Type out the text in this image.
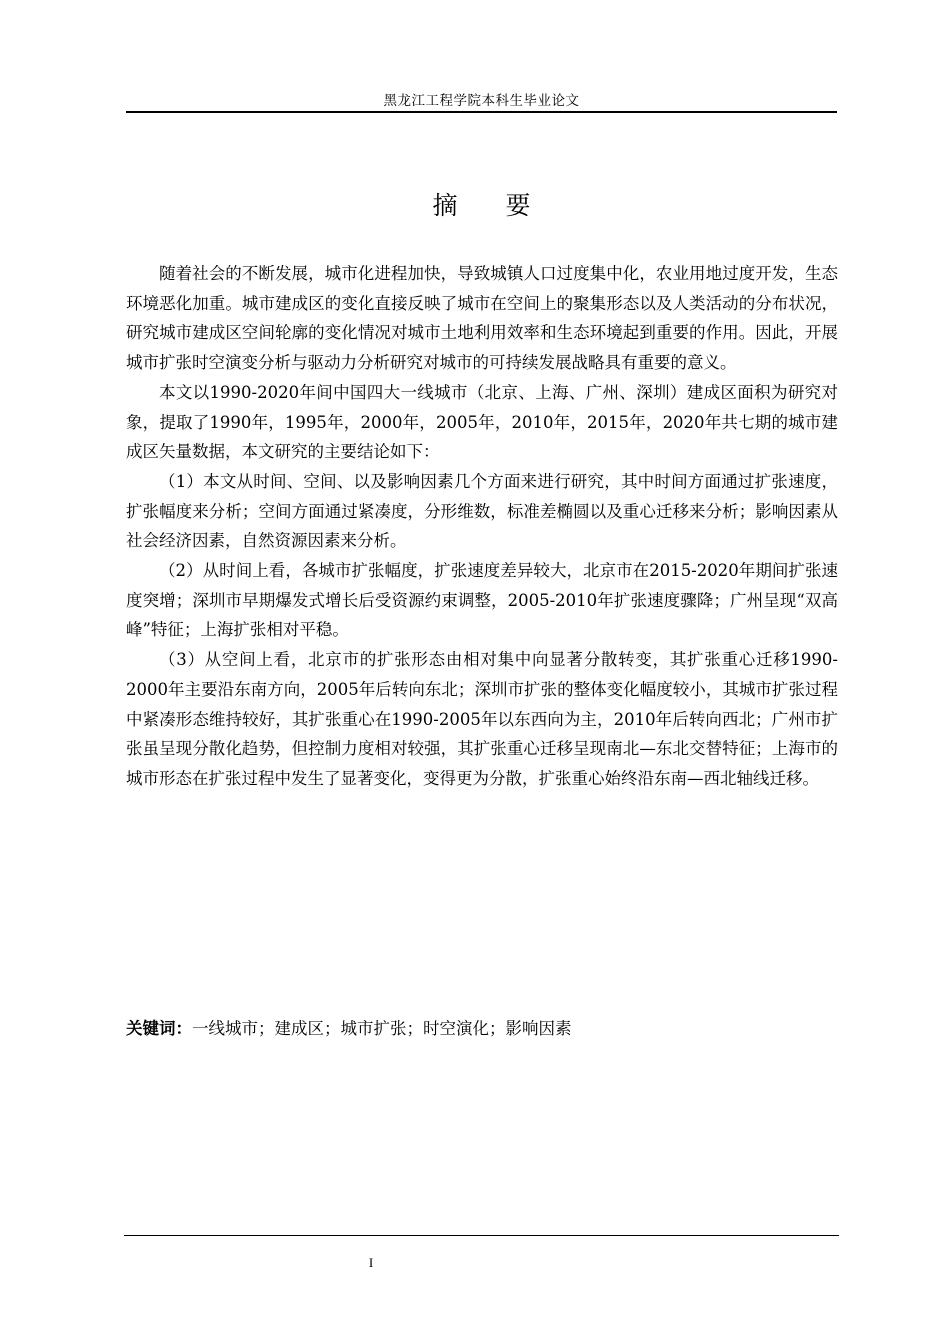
黑龙江工程学院本科生毕业论文
摘 要

随着社会的不断发展，城市化进程加快，导致城镇人口过度集中化，农业用地过度开发，生态环境恶化加重。城市建成区的变化直接反映了城市在空间上的聚集形态以及人类活动的分布状况，研究城市建成区空间轮廓的变化情况对城市土地利用效率和生态环境起到重要的作用。因此，开展城市扩张时空演变分析与驱动力分析研究对城市的可持续发展战略具有重要的意义。

本文以1990-2020年间中国四大一线城市（北京、上海、广州、深圳）建成区面积为研究对象，提取了1990年，1995年，2000年，2005年，2010年，2015年，2020年共七期的城市建成区矢量数据，本文研究的主要结论如下：

（1）本文从时间、空间、以及影响因素几个方面来进行研究，其中时间方面通过扩张速度，扩张幅度来分析；空间方面通过紧凑度，分形维数，标准差椭圆以及重心迁移来分析；影响因素从社会经济因素，自然资源因素来分析。

（2）从时间上看，各城市扩张幅度，扩张速度差异较大，北京市在2015-2020年期间扩张速度突增；深圳市早期爆发式增长后受资源约束调整，2005-2010年扩张速度骤降；广州呈现“双高峰”特征；上海扩张相对平稳。

（3）从空间上看，北京市的扩张形态由相对集中向显著分散转变，其扩张重心迁移1990-2000年主要沿东南方向，2005年后转向东北；深圳市扩张的整体变化幅度较小，其城市扩张过程中紧凑形态维持较好，其扩张重心在1990-2005年以东西向为主，2010年后转向西北；广州市扩张虽呈现分散化趋势，但控制力度相对较强，其扩张重心迁移呈现南北—东北交替特征；上海市的城市形态在扩张过程中发生了显著变化，变得更为分散，扩张重心始终沿东南—西北轴线迁移。

关键词：一线城市；建成区；城市扩张；时空演化；影响因素
I
